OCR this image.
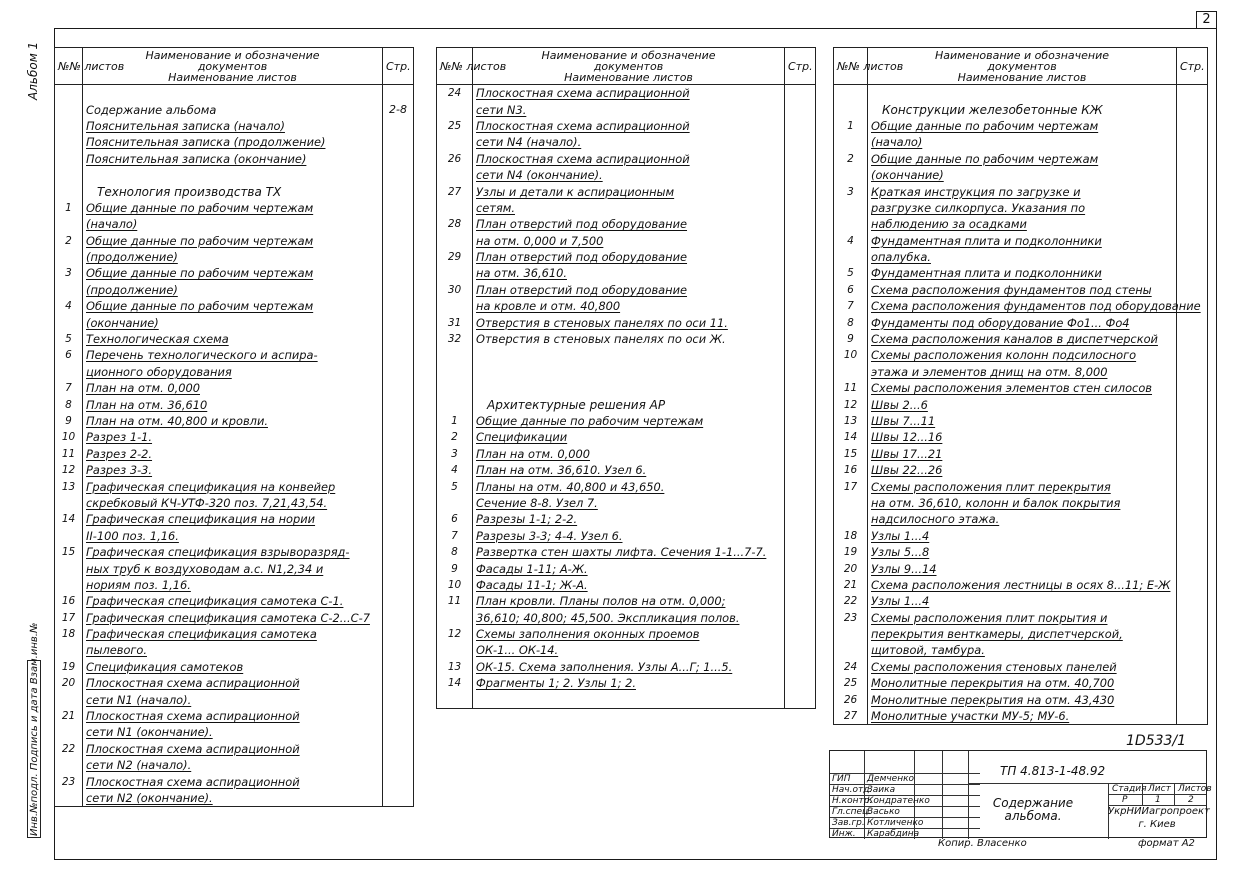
2
Альбом 1 №№ листов	Наименование и обозначение
документов
Наименование листов	Стр.

	Содержание альбома	2-8
	Пояснительная записка (начало)	
	Пояснительная записка (продолжение)	
	Пояснительная записка (окончание)	

	Технология производства ТХ	
1	Общие данные по рабочим чертежам	
	(начало)	
2	Общие данные по рабочим чертежам	
	(продолжение)	
3	Общие данные по рабочим чертежам	
	(продолжение)	
4	Общие данные по рабочим чертежам	
	(окончание)	
5	Технологическая схема	
6	Перечень технологического и аспира-	
	ционного оборудования	
7	План на отм. 0,000	
8	План на отм. 36,610	
9	План на отм. 40,800 и кровли.	
10	Разрез 1-1.	
11	Разрез 2-2.	
12	Разрез 3-3.	
13	Графическая спецификация на конвейер	
	скребковый КЧ-УТФ-320 поз. 7,21,43,54.	
14	Графическая спецификация на нории	
	II-100 поз. 1,16.	
15	Графическая спецификация взрыворазряд-	
	ных труб к воздуховодам а.с. N1,2,34 и	
	нориям поз. 1,16.	
16	Графическая спецификация самотека С-1.	
17	Графическая спецификация самотека С-2...С-7	
18	Графическая спецификация самотека	
	пылевого.	
19	Спецификация самотеков	
20	Плоскостная схема аспирационной	
	сети N1 (начало).	
21	Плоскостная схема аспирационной	
	сети N1 (окончание).	
22	Плоскостная схема аспирационной	
	сети N2 (начало).	
23	Плоскостная схема аспирационной	
	сети N2 (окончание).	
№№ листов	Наименование и обозначение
документов
Наименование листов	Стр.

24	Плоскостная схема аспирационной	
	сети N3.	
25	Плоскостная схема аспирационной	
	сети N4 (начало).	
26	Плоскостная схема аспирационной	
	сети N4 (окончание).	
27	Узлы и детали к аспирационным	
	сетям.	
28	План отверстий под оборудование	
	на отм. 0,000 и 7,500	
29	План отверстий под оборудование	
	на отм. 36,610.	
30	План отверстий под оборудование	
	на кровле и отм. 40,800	
31	Отверстия в стеновых панелях по оси 11.	
32	Отверстия в стеновых панелях по оси Ж.	

	Архитектурные решения АР	
1	Общие данные по рабочим чертежам	
2	Спецификации	
3	План на отм. 0,000	
4	План на отм. 36,610. Узел 6.	
5	Планы на отм. 40,800 и 43,650.	
	Сечение 8-8. Узел 7.	
6	Разрезы 1-1; 2-2.	
7	Разрезы 3-3; 4-4. Узел 6.	
8	Развертка стен шахты лифта. Сечения 1-1...7-7.	
9	Фасады 1-11; А-Ж.	
10	Фасады 11-1; Ж-А.	
11	План кровли. Планы полов на отм. 0,000;	
	36,610; 40,800; 45,500. Экспликация полов.	
12	Схемы заполнения оконных проемов	
	ОК-1... ОК-14.	
13	ОК-15. Схема заполнения. Узлы А...Г; 1...5.	
14	Фрагменты 1; 2. Узлы 1; 2.	

№№ листов	Наименование и обозначение
документов
Наименование листов	Стр.

	Конструкции железобетонные КЖ	
1	Общие данные по рабочим чертежам	
	(начало)	
2	Общие данные по рабочим чертежам	
	(окончание)	
3	Краткая инструкция по загрузке и	
	разгрузке силкорпуса. Указания по	
	наблюдению за осадками	
4	Фундаментная плита и подколонники	
	опалубка.	
5	Фундаментная плита и подколонники	
6	Схема расположения фундаментов под стены	
7	Схема расположения фундаментов под оборудование	
8	Фундаменты под оборудование Фо1... Фо4	
9	Схема расположения каналов в диспетчерской	
10	Схемы расположения колонн подсилосного	
	этажа и элементов днищ на отм. 8,000	
11	Схемы расположения элементов стен силосов	
12	Швы 2...6	
13	Швы 7...11	
14	Швы 12...16	
15	Швы 17...21	
16	Швы 22...26	
17	Схемы расположения плит перекрытия	
	на отм. 36,610, колонн и балок покрытия	
	надсилосного этажа.	
18	Узлы 1...4	
19	Узлы 5...8	
20	Узлы 9...14	
21	Схема расположения лестницы в осях 8...11; Е-Ж	
22	Узлы 1...4	
23	Схемы расположения плит покрытия и	
	перекрытия венткамеры, диспетчерской,	
	щитовой, тамбура.	
24	Схемы расположения стеновых панелей	
25	Монолитные перекрытия на отм. 40,700	
26	Монолитные перекрытия на отм. 43,430	
27	Монолитные участки МУ-5; МУ-6.	
Инв.№подл. Подпись и дата Взам.инв.№	1D533/1
ТП 4.813-1-48.92
Содержание альбома.
Стадия Лист Листов
Р	1	2
УкрНИИагропроект г. Киев
ГИП Демченко
Нач.отд.
Заика
Н.контр.
Кондратенко
Гл.спец.
Васько
Зав.гр. Котличенко
Инж. Карабдина
Копир. Власенко	формат А2
